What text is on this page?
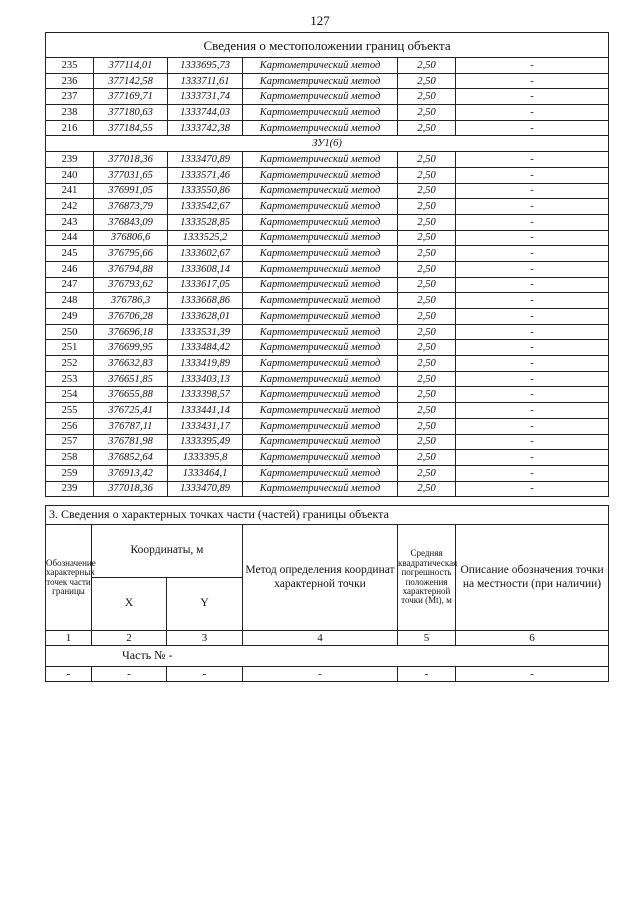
127
Сведения о местоположении границ объекта					
235	377114,01	1333695,73	Картометрический метод	2,50	-
236	377142,58	1333711,61	Картометрический метод	2,50	-
237	377169,71	1333731,74	Картометрический метод	2,50	-
238	377180,63	1333744,03	Картометрический метод	2,50	-
216	377184,55	1333742,38	Картометрический метод	2,50	-
ЗУ1(6)					
239	377018,36	1333470,89	Картометрический метод	2,50	-
240	377031,65	1333571,46	Картометрический метод	2,50	-
241	376991,05	1333550,86	Картометрический метод	2,50	-
242	376873,79	1333542,67	Картометрический метод	2,50	-
243	376843,09	1333528,85	Картометрический метод	2,50	-
244	376806,6	1333525,2	Картометрический метод	2,50	-
245	376795,66	1333602,67	Картометрический метод	2,50	-
246	376794,88	1333608,14	Картометрический метод	2,50	-
247	376793,62	1333617,05	Картометрический метод	2,50	-
248	376786,3	1333668,86	Картометрический метод	2,50	-
249	376706,28	1333628,01	Картометрический метод	2,50	-
250	376696,18	1333531,39	Картометрический метод	2,50	-
251	376699,95	1333484,42	Картометрический метод	2,50	-
252	376632,83	1333419,89	Картометрический метод	2,50	-
253	376651,85	1333403,13	Картометрический метод	2,50	-
254	376655,88	1333398,57	Картометрический метод	2,50	-
255	376725,41	1333441,14	Картометрический метод	2,50	-
256	376787,11	1333431,17	Картометрический метод	2,50	-
257	376781,98	1333395,49	Картометрический метод	2,50	-
258	376852,64	1333395,8	Картометрический метод	2,50	-
259	376913,42	1333464,1	Картометрический метод	2,50	-
239	377018,36	1333470,89	Картометрический метод	2,50	-
3. Сведения о характерных точках части (частей) границы объекта					
Обозначение характерных точек части границы	Координаты, м		Метод определения координат характерной точки	Средняя квадратическая погрешность положения характерной точки (Mt), м	Описание обозначения точки на местности (при наличии)
	X	Y			
1	2	3	4	5	6
Часть № -					
-	-	-	-	-	-
